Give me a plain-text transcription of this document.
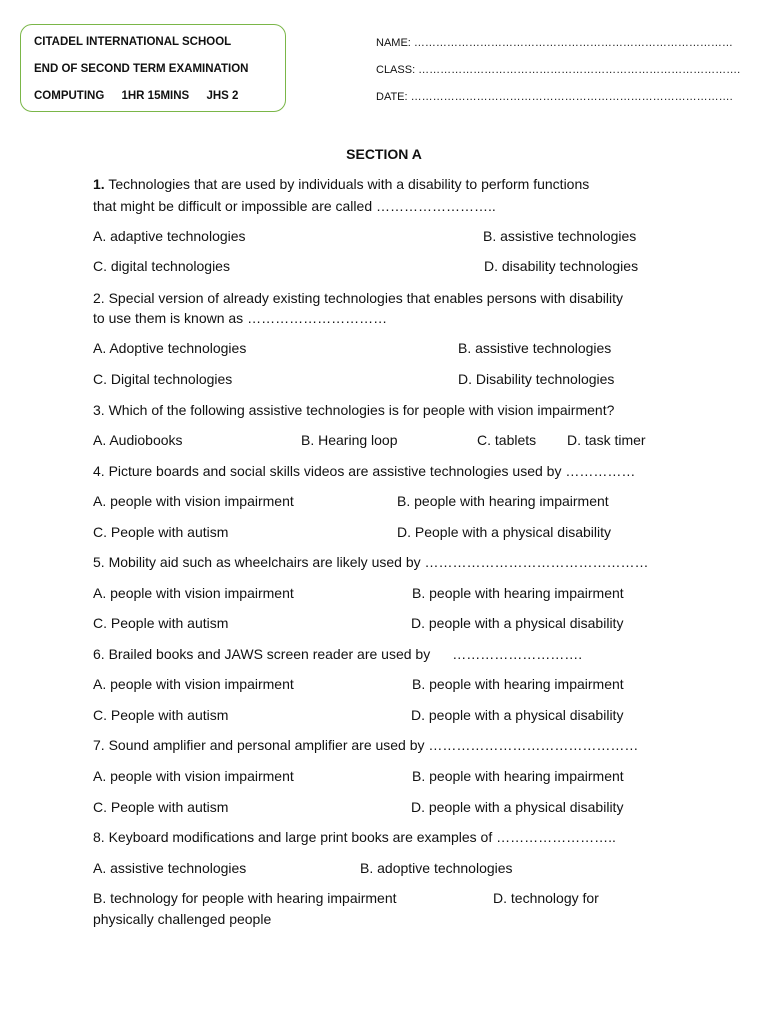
CITADEL INTERNATIONAL SCHOOL
END OF SECOND TERM EXAMINATION
COMPUTING 1HR 15MINS JHS 2
NAME: ……………………………………………………………………………
CLASS: …………………………………………………………………………….
DATE: …………………………………………………………………………….
SECTION A
1. Technologies that are used by individuals with a disability to perform functions
that might be difficult or impossible are called ……………………..
A. adaptive technologies	B. assistive technologies
C. digital technologies	D. disability technologies
2. Special version of already existing technologies that enables persons with disability
to use them is known as …………………………
A. Adoptive technologies	B. assistive technologies
C. Digital technologies	D. Disability technologies
3. Which of the following assistive technologies is for people with vision impairment?
A. Audiobooks	B. Hearing loop	C. tablets D. task timer
4. Picture boards and social skills videos are assistive technologies used by ……………
A. people with vision impairment	B. people with hearing impairment
C. People with autism	D. People with a physical disability
5. Mobility aid such as wheelchairs are likely used by …………………………………………
A. people with vision impairment	B. people with hearing impairment
C. People with autism	D. people with a physical disability
6. Brailed books and JAWS screen reader are used by ……………………….
A. people with vision impairment	B. people with hearing impairment
C. People with autism	D. people with a physical disability
7. Sound amplifier and personal amplifier are used by ………………………………………
A. people with vision impairment	B. people with hearing impairment
C. People with autism	D. people with a physical disability
8. Keyboard modifications and large print books are examples of ……………………..
A. assistive technologies	B. adoptive technologies
B. technology for people with hearing impairment	D. technology for
physically challenged people
